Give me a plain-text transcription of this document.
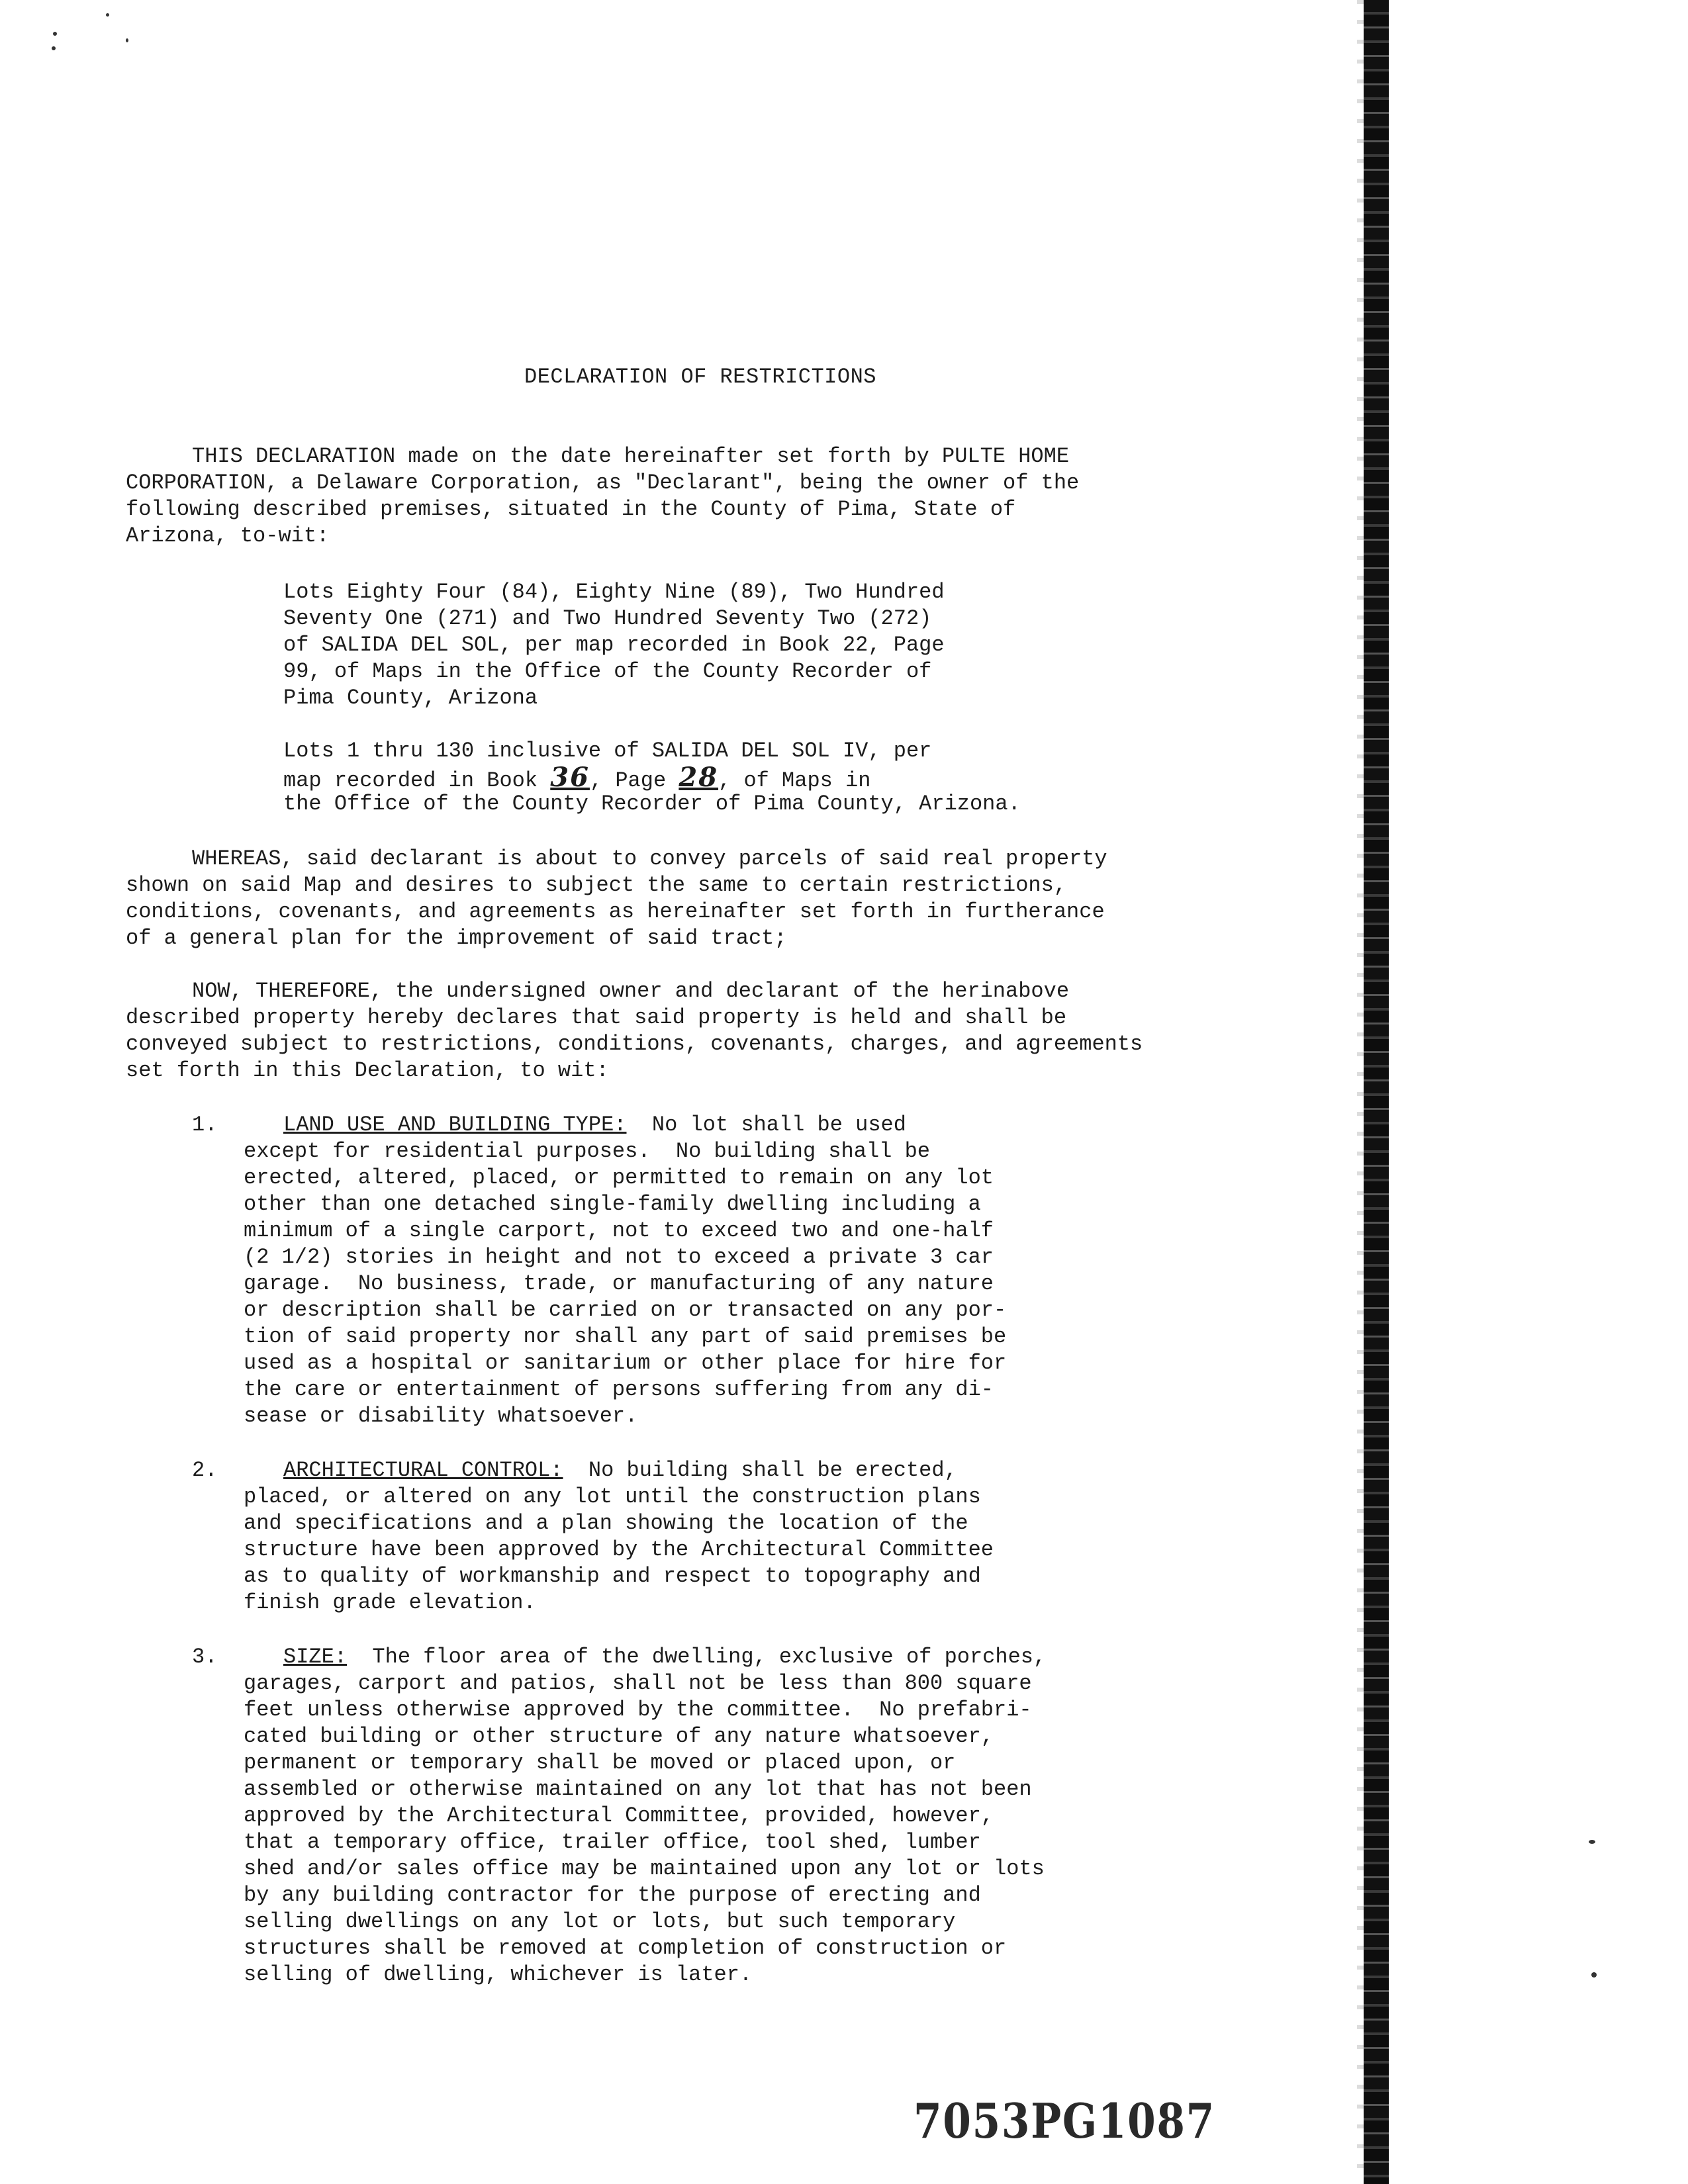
DECLARATION OF RESTRICTIONS
THIS DECLARATION made on the date hereinafter set forth by PULTE HOME
CORPORATION, a Delaware Corporation, as "Declarant", being the owner of the
following described premises, situated in the County of Pima, State of
Arizona, to-wit:
Lots Eighty Four (84), Eighty Nine (89), Two Hundred
Seventy One (271) and Two Hundred Seventy Two (272)
of SALIDA DEL SOL, per map recorded in Book 22, Page
99, of Maps in the Office of the County Recorder of
Pima County, Arizona
Lots 1 thru 130 inclusive of SALIDA DEL SOL IV, per
map recorded in Book 36, Page 28, of Maps in
the Office of the County Recorder of Pima County, Arizona.
WHEREAS, said declarant is about to convey parcels of said real property
shown on said Map and desires to subject the same to certain restrictions,
conditions, covenants, and agreements as hereinafter set forth in furtherance
of a general plan for the improvement of said tract;
NOW, THEREFORE, the undersigned owner and declarant of the herinabove
described property hereby declares that said property is held and shall be
conveyed subject to restrictions, conditions, covenants, charges, and agreements
set forth in this Declaration, to wit:
1.	LAND USE AND BUILDING TYPE:  No lot shall be used
except for residential purposes.  No building shall be
erected, altered, placed, or permitted to remain on any lot
other than one detached single-family dwelling including a
minimum of a single carport, not to exceed two and one-half
(2 1/2) stories in height and not to exceed a private 3 car
garage.  No business, trade, or manufacturing of any nature
or description shall be carried on or transacted on any por-
tion of said property nor shall any part of said premises be
used as a hospital or sanitarium or other place for hire for
the care or entertainment of persons suffering from any di-
sease or disability whatsoever.
2.	ARCHITECTURAL CONTROL:  No building shall be erected,
placed, or altered on any lot until the construction plans
and specifications and a plan showing the location of the
structure have been approved by the Architectural Committee
as to quality of workmanship and respect to topography and
finish grade elevation.
3.	SIZE:  The floor area of the dwelling, exclusive of porches,
garages, carport and patios, shall not be less than 800 square
feet unless otherwise approved by the committee.  No prefabri-
cated building or other structure of any nature whatsoever,
permanent or temporary shall be moved or placed upon, or
assembled or otherwise maintained on any lot that has not been
approved by the Architectural Committee, provided, however,
that a temporary office, trailer office, tool shed, lumber
shed and/or sales office may be maintained upon any lot or lots
by any building contractor for the purpose of erecting and
selling dwellings on any lot or lots, but such temporary
structures shall be removed at completion of construction or
selling of dwelling, whichever is later.
7053PG1087
